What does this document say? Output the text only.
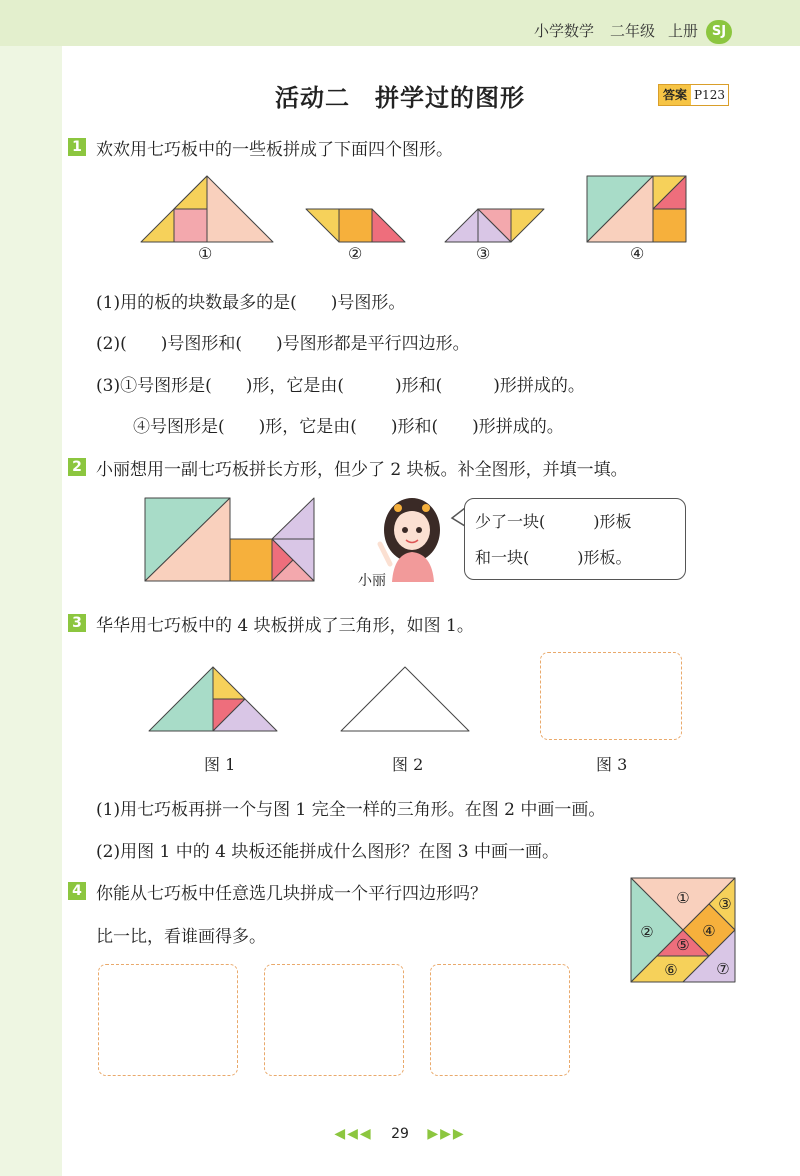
小学数学 二年级 上册	SJ
活动二　拼学过的图形	答案 P123
1 欢欢用七巧板中的一些板拼成了下面四个图形。
①	②	③	④
(1)用的板的块数最多的是(　　)号图形。
(2)(　　)号图形和(　　)号图形都是平行四边形。
(3)①号图形是(　　)形，它是由(　　　)形和(　　　)形拼成的。
④号图形是(　　)形，它是由(　　)形和(　　)形拼成的。
2 小丽想用一副七巧板拼长方形，但少了 2 块板。补全图形，并填一填。
小丽
少了一块(　　　)形板
和一块(　　　)形板。
3 华华用七巧板中的 4 块板拼成了三角形，如图 1。
图 1	图 2	图 3
(1)用七巧板再拼一个与图 1 完全一样的三角形。在图 2 中画一画。
(2)用图 1 中的 4 块板还能拼成什么图形？在图 3 中画一画。
4 你能从七巧板中任意选几块拼成一个平行四边形吗？
比一比，看谁画得多。
①
②
③
④
⑤
⑥	⑦
◀◀◀ 29 ▶▶▶
